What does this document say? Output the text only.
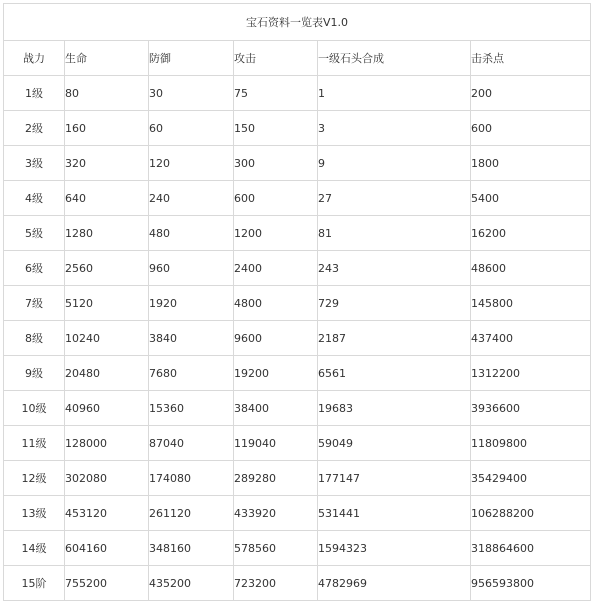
宝石资料一览表V1.0					
战力	生命	防御	攻击	一级石头合成	击杀点
1级	80	30	75	1	200
2级	160	60	150	3	600
3级	320	120	300	9	1800
4级	640	240	600	27	5400
5级	1280	480	1200	81	16200
6级	2560	960	2400	243	48600
7级	5120	1920	4800	729	145800
8级	10240	3840	9600	2187	437400
9级	20480	7680	19200	6561	1312200
10级	40960	15360	38400	19683	3936600
11级	128000	87040	119040	59049	11809800
12级	302080	174080	289280	177147	35429400
13级	453120	261120	433920	531441	106288200
14级	604160	348160	578560	1594323	318864600
15阶	755200	435200	723200	4782969	956593800
